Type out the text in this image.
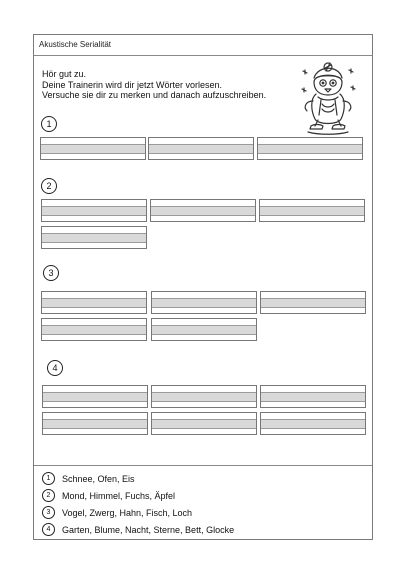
Akustische Serialität
Hör gut zu.
Deine Trainerin wird dir jetzt Wörter vorlesen.
Versuche sie dir zu merken und danach aufzuschreiben.
1
2
3
4
1	Schnee, Ofen, Eis
2	Mond, Himmel, Fuchs, Äpfel
3	Vogel, Zwerg, Hahn, Fisch, Loch
4	Garten, Blume, Nacht, Sterne, Bett, Glocke
